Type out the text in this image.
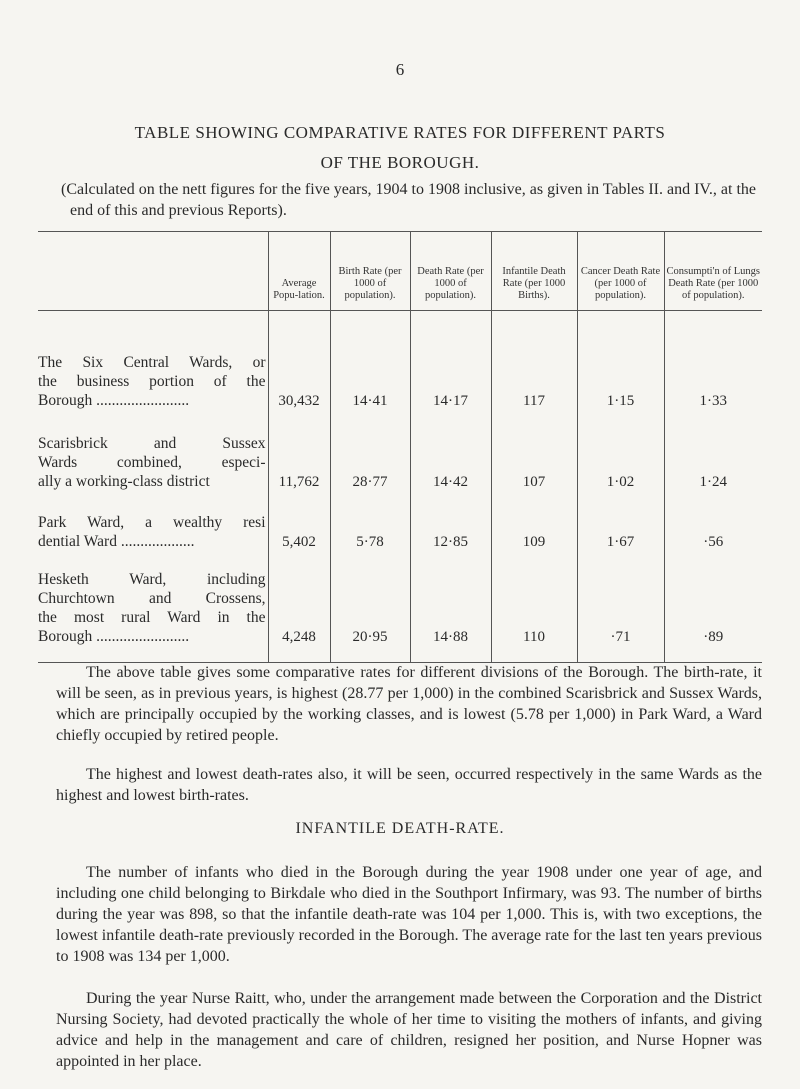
6
TABLE SHOWING COMPARATIVE RATES FOR DIFFERENT PARTS
OF THE BOROUGH.
(Calculated on the nett figures for the five years, 1904 to 1908 inclusive, as given in Tables II. and IV., at the end of this and previous Reports).
	Average Popu-lation.	Birth Rate (per 1000 of population).	Death Rate (per 1000 of population).	Infantile Death Rate (per 1000 Births).	Cancer Death Rate (per 1000 of population).	Consumpti'n of Lungs Death Rate (per 1000 of population).

The Six Central Wards, or
the business portion of the
Borough ........................	30,432	14·41	14·17	117	1·15	1·33

Scarisbrick and Sussex
Wards combined, especi-
ally a working-class district	11,762	28·77	14·42	107	1·02	1·24

Park Ward, a wealthy resi
dential Ward ...................	5,402	5·78	12·85	109	1·67	·56

Hesketh Ward, including
Churchtown and Crossens,
the most rural Ward in the
Borough ........................	4,248	20·95	14·88	110	·71	·89
The above table gives some comparative rates for different divisions of the Borough. The birth-rate, it will be seen, as in previous years, is highest (28.77 per 1,000) in the combined Scarisbrick and Sussex Wards, which are principally occupied by the working classes, and is lowest (5.78 per 1,000) in Park Ward, a Ward chiefly occupied by retired people.
The highest and lowest death-rates also, it will be seen, occurred respectively in the same Wards as the highest and lowest birth-rates.
INFANTILE DEATH-RATE.
The number of infants who died in the Borough during the year 1908 under one year of age, and including one child belonging to Birkdale who died in the Southport Infirmary, was 93. The number of births during the year was 898, so that the infantile death-rate was 104 per 1,000. This is, with two exceptions, the lowest infantile death-rate previously recorded in the Borough. The average rate for the last ten years previous to 1908 was 134 per 1,000.
During the year Nurse Raitt, who, under the arrangement made between the Corporation and the District Nursing Society, had devoted practically the whole of her time to visiting the mothers of infants, and giving advice and help in the management and care of children, resigned her position, and Nurse Hopner was appointed in her place.
